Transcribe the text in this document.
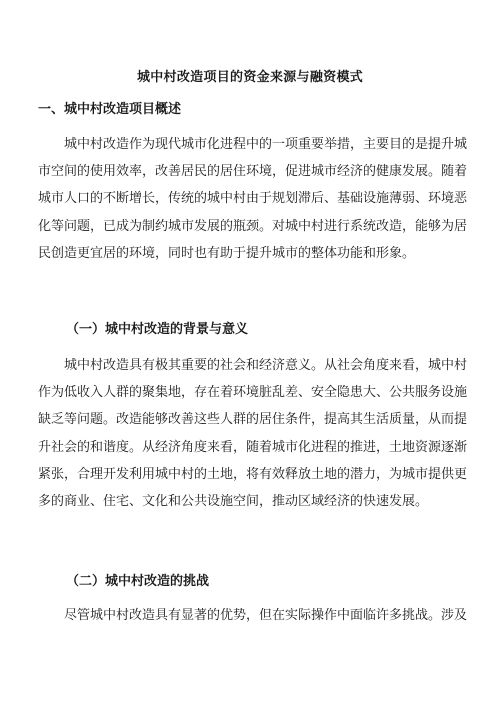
城中村改造项目的资金来源与融资模式
一、城中村改造项目概述
城中村改造作为现代城市化进程中的一项重要举措，主要目的是提升城
市空间的使用效率，改善居民的居住环境，促进城市经济的健康发展。随着
城市人口的不断增长，传统的城中村由于规划滞后、基础设施薄弱、环境恶
化等问题，已成为制约城市发展的瓶颈。对城中村进行系统改造，能够为居
民创造更宜居的环境，同时也有助于提升城市的整体功能和形象。
（一）城中村改造的背景与意义
城中村改造具有极其重要的社会和经济意义。从社会角度来看，城中村
作为低收入人群的聚集地，存在着环境脏乱差、安全隐患大、公共服务设施
缺乏等问题。改造能够改善这些人群的居住条件，提高其生活质量，从而提
升社会的和谐度。从经济角度来看，随着城市化进程的推进，土地资源逐渐
紧张，合理开发利用城中村的土地，将有效释放土地的潜力，为城市提供更
多的商业、住宅、文化和公共设施空间，推动区域经济的快速发展。
（二）城中村改造的挑战
尽管城中村改造具有显著的优势，但在实际操作中面临许多挑战。涉及
